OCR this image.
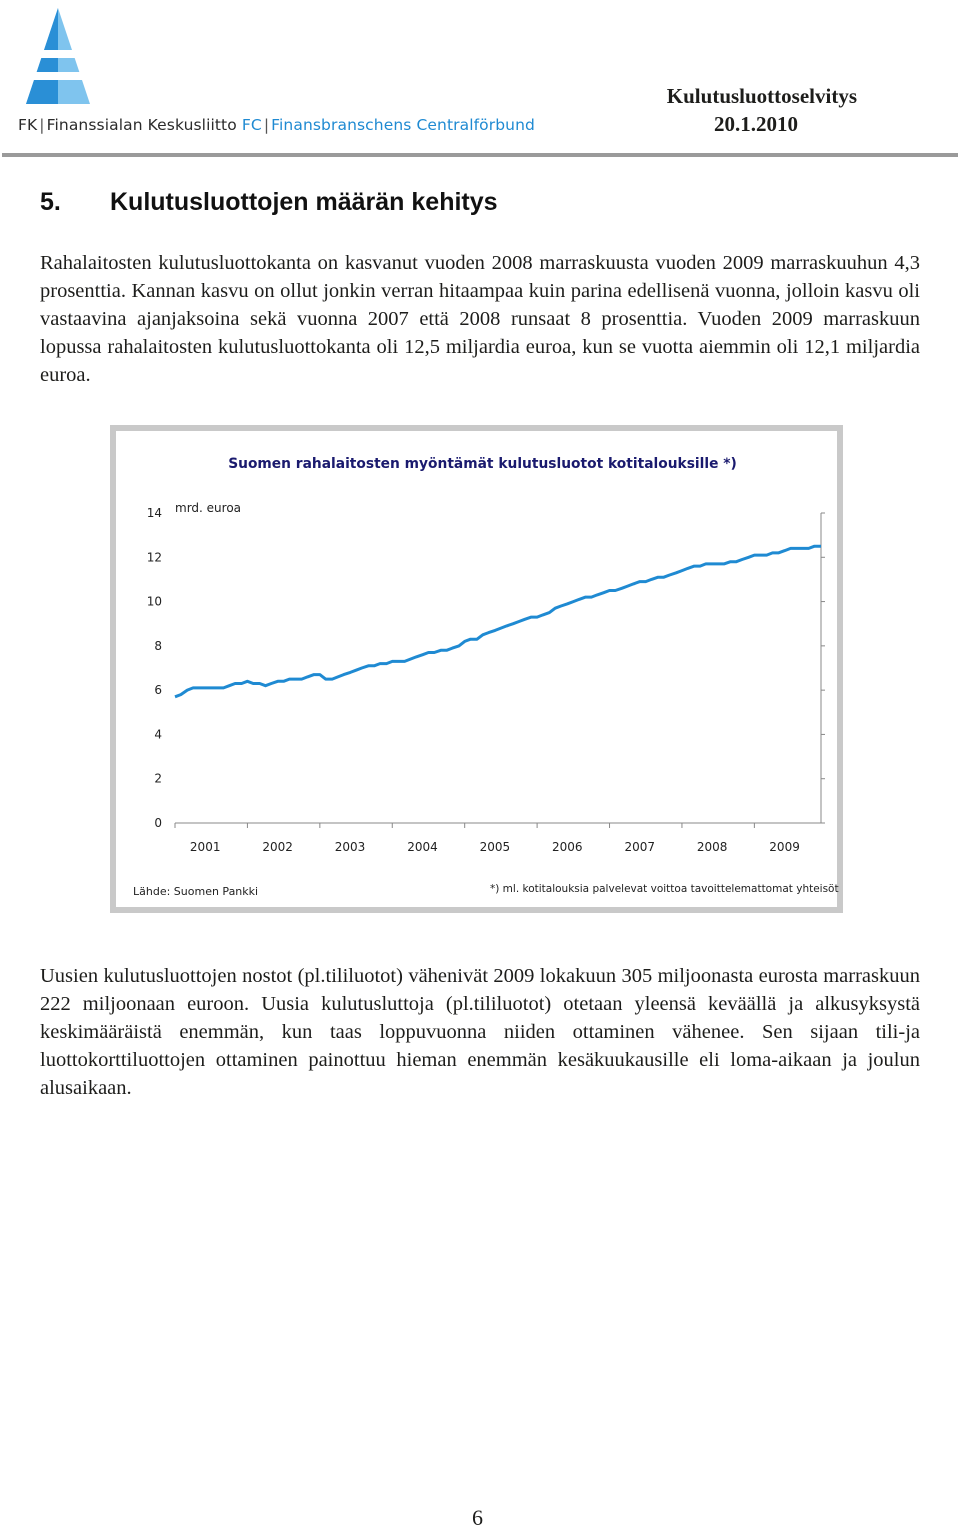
FK | Finanssialan Keskusliitto FC | Finansbranschens Centralförbund
Kulutusluottoselvitys
20.1.2010
5. Kulutusluottojen määrän kehitys
Rahalaitosten kulutusluottokanta on kasvanut vuoden 2008 marraskuusta vuoden 2009 marraskuuhun 4,3 prosenttia. Kannan kasvu on ollut jonkin verran hitaampaa kuin parina edellisenä vuonna, jolloin kasvu oli vastaavina ajanjaksoina sekä vuonna 2007 että 2008 runsaat 8 prosenttia. Vuoden 2009 marraskuun lopussa rahalaitosten kulutusluottokanta oli 12,5 miljardia euroa, kun se vuotta aiemmin oli 12,1 miljardia euroa.
Suomen rahalaitosten myöntämät kulutusluotot kotitalouksille *)
mrd. euroa
0
2
4
6
8
10
12
14
2001	2002	2003	2004	2005	2006	2007	2008	2009
Lähde: Suomen Pankki	*) ml. kotitalouksia palvelevat voittoa tavoittelemattomat yhteisöt
Uusien kulutusluottojen nostot (pl.tililuotot) vähenivät 2009 lokakuun 305 miljoonasta eurosta marraskuun 222 miljoonaan euroon. Uusia kulutusluttoja (pl.tililuotot) otetaan yleensä keväällä ja alkusyksystä keskimääräistä enemmän, kun taas loppuvuonna niiden ottaminen vähenee. Sen sijaan tili-ja luottokorttiluottojen ottaminen painottuu hieman enemmän kesäkuukausille eli loma-aikaan ja joulun alusaikaan.
6
